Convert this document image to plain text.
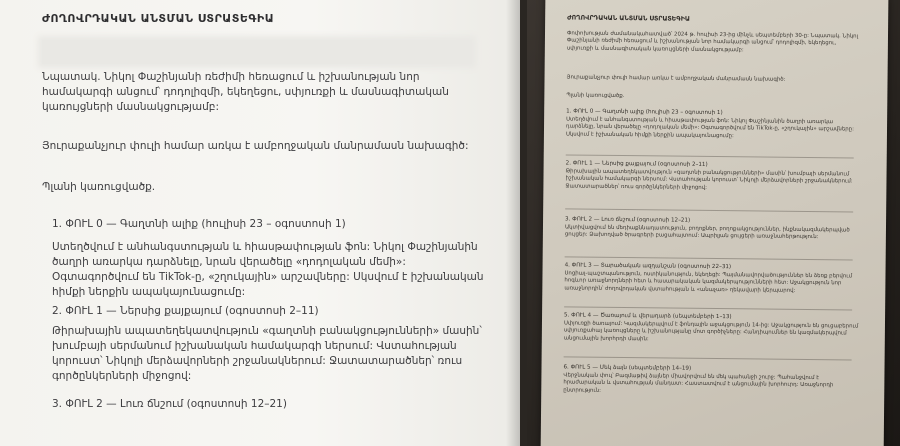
ԺՈՂՈՎՐԴԱԿԱՆ ԱՆՏՄԱՆ ՍՏՐԱՏԵԳԻԱ

Նպատակ. Նիկոլ Փաշինյանի ռեժիմի հեռացում և իշխանության նոր համակարգի անցում՝ դոդոլիզմի, եկեղեցու, սփյուռքի և մասնագիտական կառույցների մասնակցությամբ:

Յուրաքանչյուր փուլի համար առկա է ամբողջական մանրամասն նախագիծ:

Պլանի կառուցվածք.

1. ՓՈՒԼ 0 — Գաղտնի ալիք (հուլիսի 23 – օգոստոսի 1)

Ստեղծվում է անհանգստության և հիասթափության ֆոն: Նիկոլ Փաշինյանին ծաղրի առարկա դարձնելը, նրան վերածելը «դոդոլական մեմի»: Օգտագործվում են TikTok-ը, «շղուկային» արշավները: Սկսվում է իշխանական հիմքի ներքին ապակայունացումը:

2. ՓՈՒԼ 1 — Ներսից քայքայում (օգոստոսի 2–11)

Թիրախային ապատեղեկատվություն «գաղտնի բանակցությունների» մասին՝ խումբայի սերմանում իշխանական համակարգի ներսում: Վստահության կորուստ՝ Նիկոլի մերձավորների շրջանակներում: Ջատատարածներ՝ ռուս գործընկերների միջոցով:

3. ՓՈՒԼ 2 — Լուռ ճնշում (օգոստոսի 12–21)

ԺՈՂՈՎՐԴԱԿԱՆ ԱՆՏՄԱՆ ՍՏՐԱՏԵԳԻԱ

Փոփոխության ժամանակահատված՝ 2024 թ. հուլիսի 23-ից մինչև սեպտեմբերի 30-ը: Նպատակ. Նիկոլ Փաշինյանի ռեժիմի հեռացում և իշխանության նոր համակարգի անցում՝ դոդոլիզմի, եկեղեցու, սփյուռքի և մասնագիտական կառույցների մասնակցությամբ:

Յուրաքանչյուր փուլի համար առկա է ամբողջական մանրամասն նախագիծ:

Պլանի կառուցվածք.

1. ՓՈՒԼ 0 — Գաղտնի ալիք (հուլիսի 23 – օգոստոսի 1)

Ստեղծվում է անհանգստության և հիասթափության ֆոն: Նիկոլ Փաշինյանին ծաղրի առարկա դարձնելը, նրան վերածելը «դոդոլական մեմի»: Օգտագործվում են TikTok-ը, «շղուկային» արշավները: Սկսվում է իշխանական հիմքի ներքին ապակայունացումը:

2. ՓՈՒԼ 1 — Ներսից քայքայում (օգոստոսի 2–11)

Թիրախային ապատեղեկատվություն «գաղտնի բանակցությունների» մասին՝ խումբայի սերմանում իշխանական համակարգի ներսում: Վստահության կորուստ՝ Նիկոլի մերձավորների շրջանակներում: Ջատատարածներ՝ ռուս գործընկերների միջոցով:

3. ՓՈՒԼ 2 — Լուռ ճնշում (օգոստոսի 12–21)

Ակտիվացվում են մեդիաքննադատություն, բողոքներ, բողոքակցություններ, ինքնակազմակերպված ցույցեր: Ձախողված ծրագրերի բացահայտում: Ապրիլյան ցույցերի առաջնահերթություն:

4. ՓՈՒԼ 3 — Տարածական ազդանշան (օգոստոսի 22–31)

Սոցիալ-պաշտպանություն, ոստիկանություն, եկեղեցի: Պայմանավորվածություններ են ձեռք բերվում հոգևոր առաջնորդների հետ և հասարակական կազմակերպությունների հետ: Աջակցություն նոր առաջնորդին՝ ժողովրդական վստահության և «անաչառ» ղեկավարի կերպարով:

5. ՓՈՒԼ 4 — Ծառայում և վերադարձ (սեպտեմբերի 1–13)

Սփյուռքի ծառայում: Կազմակերպվում է ֆոնդային աջակցություն 14-ից: Աջակցություն են ցուցաբերում սփյուռքահայ կառույցները և իշխանությանը մոտ գործիչները: Հանդիպումներ են կազմակերպվում անցումային խորհրդի մասին:

6. ՓՈՒԼ 5 — Մեկ ձայն (սեպտեմբերի 14–19)

Վերջնական փուլ՝ Բազմաթիվ ձայներ միավորվում են մեկ պահանջի շուրջ: Պահանջվում է հրաժարական և վստահության մանդատ: Հաստատվում է անցումային խորհուրդ: Առաջնորդի ընտրություն:
